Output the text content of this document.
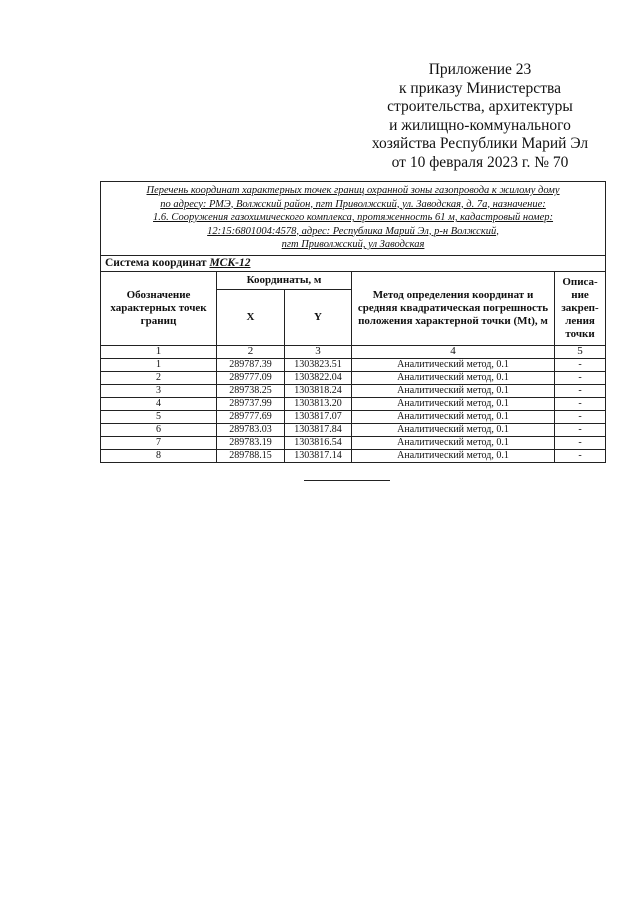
Приложение 23
к приказу Министерства
строительства, архитектуры
и жилищно-коммунального
хозяйства Республики Марий Эл
от 10 февраля 2023 г. № 70
Перечень координат характерных точек границ охранной зоны газопровода к жилому дому
по адресу: РМЭ, Волжский район, пгт Приволжский, ул. Заводская, д. 7а, назначение:
1.6. Сооружения газохимического комплекса, протяженность 61 м, кадастровый номер:
12:15:6801004:4578, адрес: Республика Марий Эл, р-н Волжский,
пгт Приволжский, ул Заводская				

Система координат МСК-12				
Обозначение характерных точек границ	Координаты, м		Метод определения координат и средняя квадратическая погрешность положения характерной точки (Mt), м	Описа-ние закреп-ления точки
	X	Y		
1	2	3	4	5
1	289787.39	1303823.51	Аналитический метод, 0.1	-
2	289777.09	1303822.04	Аналитический метод, 0.1	-
3	289738.25	1303818.24	Аналитический метод, 0.1	-
4	289737.99	1303813.20	Аналитический метод, 0.1	-
5	289777.69	1303817.07	Аналитический метод, 0.1	-
6	289783.03	1303817.84	Аналитический метод, 0.1	-
7	289783.19	1303816.54	Аналитический метод, 0.1	-
8	289788.15	1303817.14	Аналитический метод, 0.1	-
